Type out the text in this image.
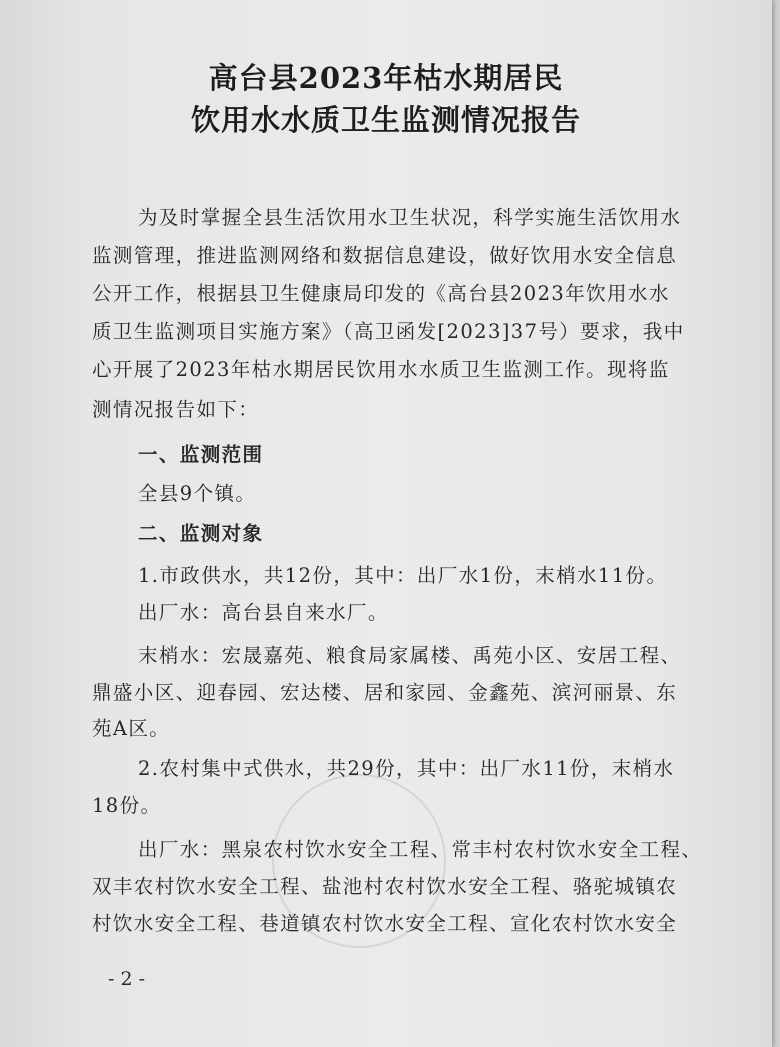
高台县2023年枯水期居民
饮用水水质卫生监测情况报告
为及时掌握全县生活饮用水卫生状况，科学实施生活饮用水
监测管理，推进监测网络和数据信息建设，做好饮用水安全信息
公开工作，根据县卫生健康局印发的《高台县2023年饮用水水
质卫生监测项目实施方案》（高卫函发[2023]37号）要求，我中
心开展了2023年枯水期居民饮用水水质卫生监测工作。现将监
测情况报告如下：
一、监测范围
全县9个镇。
二、监测对象
1.市政供水，共12份，其中：出厂水1份，末梢水11份。
出厂水：高台县自来水厂。
末梢水：宏晟嘉苑、粮食局家属楼、禹苑小区、安居工程、
鼎盛小区、迎春园、宏达楼、居和家园、金鑫苑、滨河丽景、东
苑A区。
2.农村集中式供水，共29份，其中：出厂水11份，末梢水
18份。
出厂水：黑泉农村饮水安全工程、常丰村农村饮水安全工程、
双丰农村饮水安全工程、盐池村农村饮水安全工程、骆驼城镇农
村饮水安全工程、巷道镇农村饮水安全工程、宣化农村饮水安全
- 2 -
